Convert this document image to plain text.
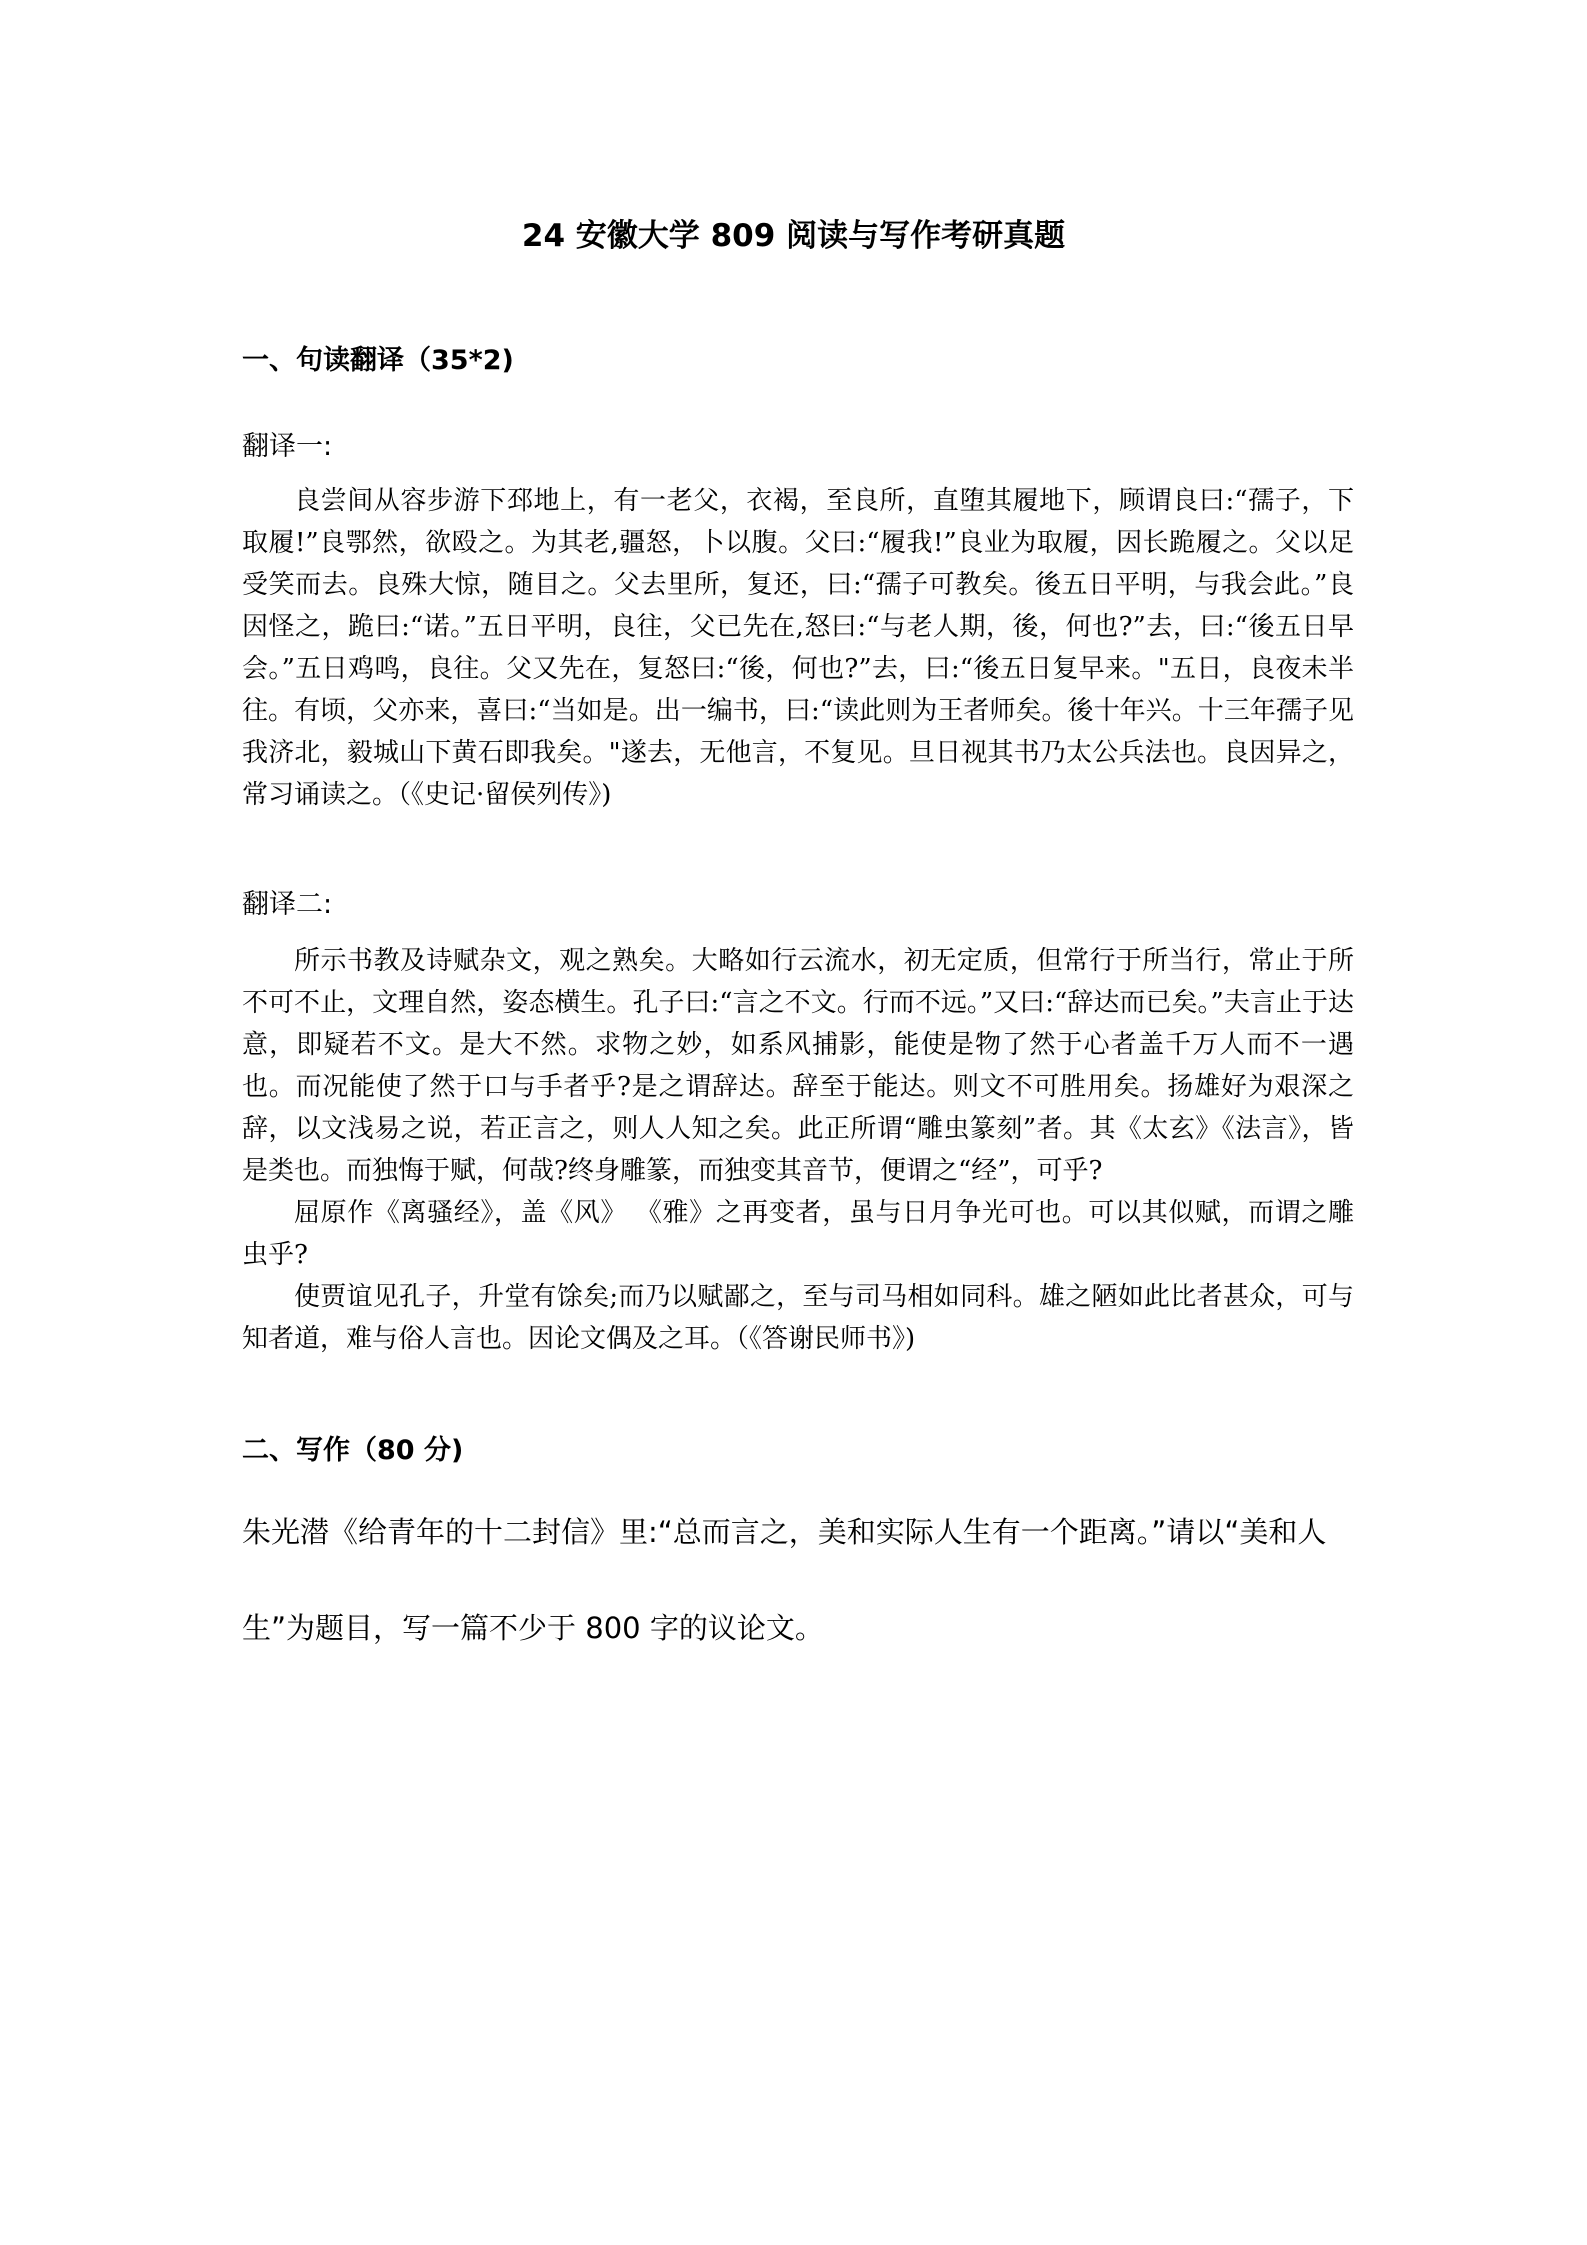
24 安徽大学 809 阅读与写作考研真题
一、句读翻译（35*2)
翻译一:

良尝间从容步游下邳地上，有一老父，衣褐，至良所，直堕其履地下，顾谓良曰:“孺子，下取履!”良鄂然，欲殴之。为其老,疆怒，卜以腹。父曰:“履我!”良业为取履，因长跪履之。父以足受笑而去。良殊大惊，随目之。父去里所，复还，曰:“孺子可教矣。後五日平明，与我会此。”良因怪之，跪曰:“诺。”五日平明，良往，父已先在,怒曰:“与老人期，後，何也?”去，曰:“後五日早会。”五日鸡鸣，良往。父又先在，复怒曰:“後，何也?”去，曰:“後五日复早来。"五日，良夜未半往。有顷，父亦来，喜曰:“当如是。出一编书，曰:“读此则为王者师矣。後十年兴。十三年孺子见我济北，毅城山下黄石即我矣。"遂去，无他言，不复见。旦日视其书乃太公兵法也。良因异之，常习诵读之。（《史记·留侯列传》)

翻译二:

所示书教及诗赋杂文，观之熟矣。大略如行云流水，初无定质，但常行于所当行，常止于所不可不止，文理自然，姿态横生。孔子曰:“言之不文。行而不远。”又曰:“辞达而已矣。”夫言止于达意，即疑若不文。是大不然。求物之妙，如系风捕影，能使是物了然于心者盖千万人而不一遇也。而况能使了然于口与手者乎?是之谓辞达。辞至于能达。则文不可胜用矣。扬雄好为艰深之辞，以文浅易之说，若正言之，则人人知之矣。此正所谓“雕虫篆刻”者。其《太玄》《法言》，皆是类也。而独悔于赋，何哉?终身雕篆，而独变其音节，便谓之“经”，可乎?

屈原作《离骚经》，盖《风》 《雅》之再变者，虽与日月争光可也。可以其似赋，而谓之雕虫乎?

使贾谊见孔子，升堂有馀矣;而乃以赋鄙之，至与司马相如同科。雄之陋如此比者甚众，可与知者道，难与俗人言也。因论文偶及之耳。（《答谢民师书》)

二、写作（80 分)

朱光潜《给青年的十二封信》里:“总而言之，美和实际人生有一个距离。”请以“美和人生”为题目，写一篇不少于 800 字的议论文。
